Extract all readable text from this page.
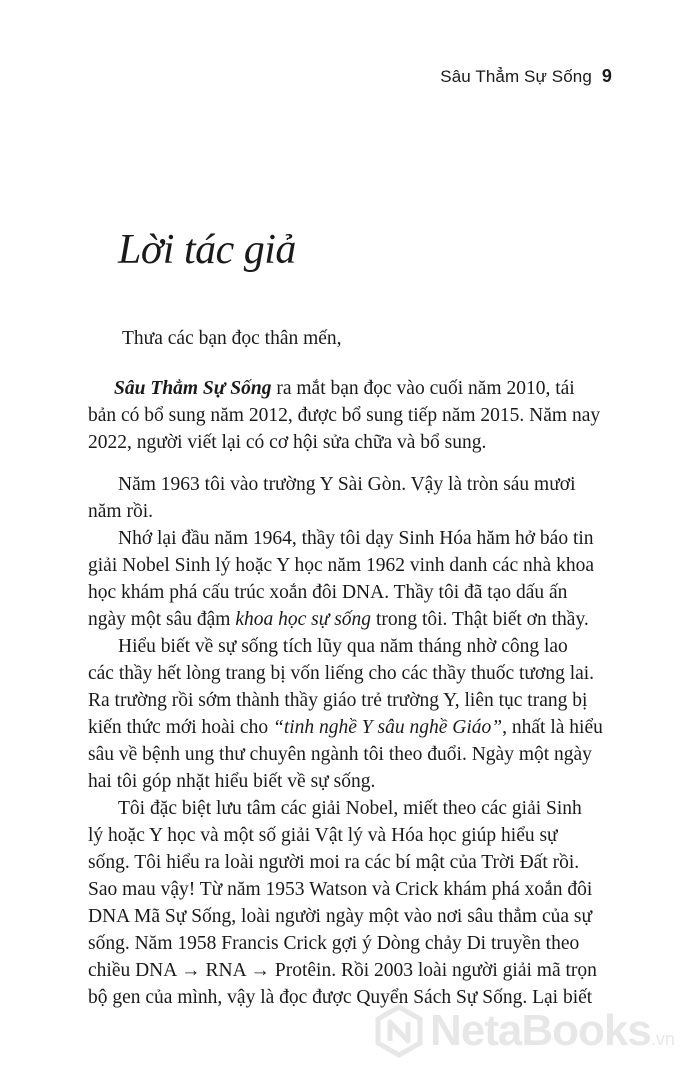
Sâu Thẳm Sự Sống 9
Lời tác giả
Thưa các bạn đọc thân mến,
Sâu Thẳm Sự Sống ra mắt bạn đọc vào cuối năm 2010, tái
bản có bổ sung năm 2012, được bổ sung tiếp năm 2015. Năm nay
2022, người viết lại có cơ hội sửa chữa và bổ sung.
Năm 1963 tôi vào trường Y Sài Gòn. Vậy là tròn sáu mươi
năm rồi.
Nhớ lại đầu năm 1964, thầy tôi dạy Sinh Hóa hăm hở báo tin
giải Nobel Sinh lý hoặc Y học năm 1962 vinh danh các nhà khoa
học khám phá cấu trúc xoắn đôi DNA. Thầy tôi đã tạo dấu ấn
ngày một sâu đậm khoa học sự sống trong tôi. Thật biết ơn thầy.
Hiểu biết về sự sống tích lũy qua năm tháng nhờ công lao
các thầy hết lòng trang bị vốn liếng cho các thầy thuốc tương lai.
Ra trường rồi sớm thành thầy giáo trẻ trường Y, liên tục trang bị
kiến thức mới hoài cho “tinh nghề Y sâu nghề Giáo”, nhất là hiểu
sâu về bệnh ung thư chuyên ngành tôi theo đuổi. Ngày một ngày
hai tôi góp nhặt hiểu biết về sự sống.
Tôi đặc biệt lưu tâm các giải Nobel, miết theo các giải Sinh
lý hoặc Y học và một số giải Vật lý và Hóa học giúp hiểu sự
sống. Tôi hiểu ra loài người moi ra các bí mật của Trời Đất rồi.
Sao mau vậy! Từ năm 1953 Watson và Crick khám phá xoắn đôi
DNA Mã Sự Sống, loài người ngày một vào nơi sâu thẳm của sự
sống. Năm 1958 Francis Crick gợi ý Dòng chảy Di truyền theo
chiều DNA → RNA → Protêin. Rồi 2003 loài người giải mã trọn
bộ gen của mình, vậy là đọc được Quyển Sách Sự Sống. Lại biết
NetaBooks.vn
